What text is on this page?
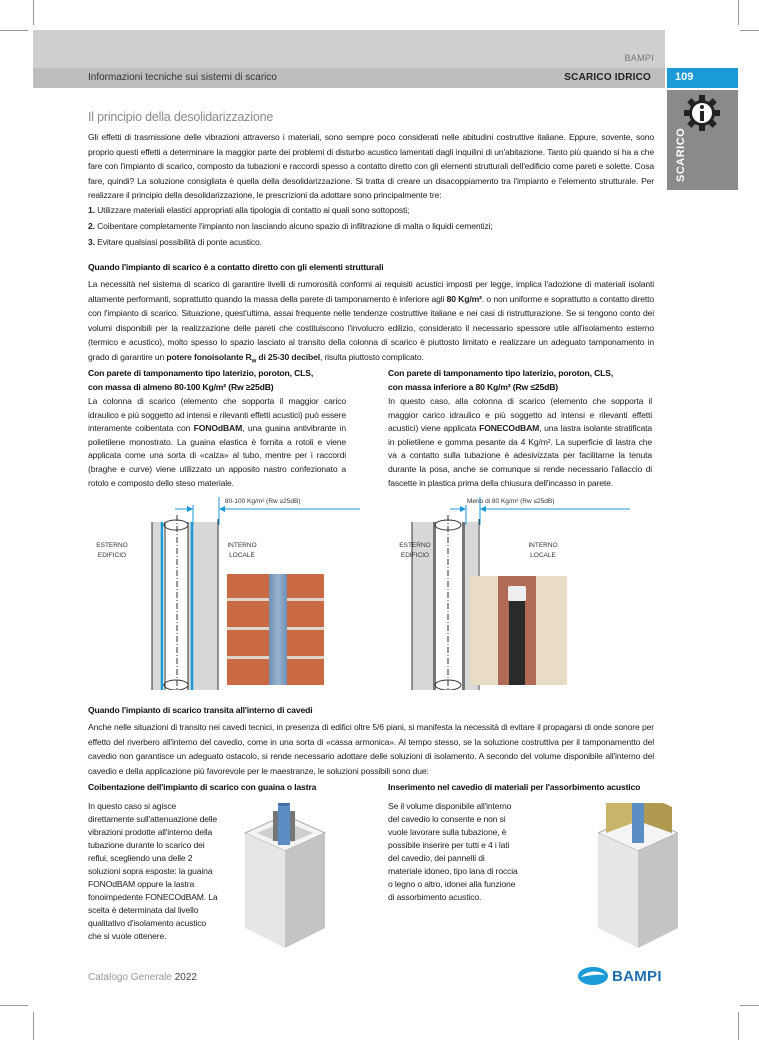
BAMPI
Informazioni tecniche sui sistemi di scarico	SCARICO IDRICO	109
SCARICO
Il principio della desolidarizzazione

Gli effetti di trasmissione delle vibrazioni attraverso i materiali, sono sempre poco considerati nelle abitudini costruttive italiane. Eppure, sovente, sono proprio questi effetti a determinare la maggior parte dei problemi di disturbo acustico lamentati dagli inquilini di un'abitazione. Tanto più quando si ha a che fare con l'impianto di scarico, composto da tubazioni e raccordi spesso a contatto diretto con gli elementi strutturali dell'edificio come pareti e solette. Cosa fare, quindi? La soluzione consigliata è quella della desolidarizzazione. Si tratta di creare un disacoppiamento tra l'impianto e l'elemento strutturale. Per realizzare il principio della desolidarizzazione, le prescrizioni da adottare sono principalmente tre:

1. Utilizzare materiali elastici appropriati alla tipologia di contatto ai quali sono sottoposti;
2. Coibentare completamente l'impianto non lasciando alcuno spazio di infiltrazione di malta o liquidi cementizi;
3. Evitare qualsiasi possibilità di ponte acustico.
Quando l'impianto di scarico è a contatto diretto con gli elementi strutturali

La necessità nel sistema di scarico di garantire livelli di rumorosità conformi ai requisiti acustici imposti per legge, implica l'adozione di materiali isolanti altamente performanti, soprattutto quando la massa della parete di tamponamento è inferiore agli 80 Kg/m². o non uniforme e soprattutto a contatto diretto con l'impianto di scarico. Situazione, quest'ultima, assai frequente nelle tendenze costruttive italiane e nei casi di ristrutturazione. Se si tengono conto dei volumi disponibili per la realizzazione delle pareti che costituiscono l'involucro edilizio, considerato il necessario spessore utile all'isolamento esterno (termico e acustico), molto spesso lo spazio lasciato al transito della colonna di scarico è piuttosto limitato e realizzare un adeguato tamponamento in grado di garantire un potere fonoisolante $R_w$ di 25-30 decibel, risulta piuttosto complicato.

Con parete di tamponamento tipo laterizio, poroton, CLS,
con massa di almeno 80-100 Kg/m² (Rw ≥25dB)

La colonna di scarico (elemento che sopporta il maggior carico idraulico e più soggetto ad intensi e rilevanti effetti acustici) può essere interamente coibentata con FONOdBAM, una guaina antivibrante in polietilene monostrato. La guaina elastica è fornita a rotoli e viene applicata come una sorta di «calza» al tubo, mentre per i raccordi (braghe e curve) viene utilizzato un apposito nastro confezionato a rotolo e composto dello steso materiale.

Con parete di tamponamento tipo laterizio, poroton, CLS,
con massa inferiore a 80 Kg/m² (Rw ≤25dB)

In questo caso, alla colonna di scarico (elemento che sopporta il maggior carico idraulico e più soggetto ad intensi e rilevanti effetti acustici) viene applicata FONECOdBAM, una lastra isolante stratificata in polietilene e gomma pesante da 4 Kg/m². La superficie di lastra che va a contatto sulla tubazione è adesivizzata per facilitarne la tenuta durante la posa, anche se comunque si rende necessario l'allaccio di fascette in plastica prima della chiusura dell'incasso in parete.

80-100 Kg/m² (Rw ≥25dB)
ESTERNO EDIFICIO
INTERNO LOCALE
Meno di 80 Kg/m² (Rw ≤25dB)
ESTERNO EDIFICIO
INTERNO LOCALE
Quando l'impianto di scarico transita all'interno di cavedi

Anche nelle situazioni di transito nei cavedi tecnici, in presenza di edifici oltre 5/6 piani, si manifesta la necessità di evitare il propagarsi di onde sonore per effetto del riverbero all'interno del cavedio, come in una sorta di «cassa armonica». Al tempo stesso, se la soluzione costruttiva per il tamponamentto del cavedio non garantisce un adeguato ostacolo, si rende necessario adottare delle soluzioni di isolamento. A secondo del volume disponibile all'interno del cavedio e della applicazione più favorevole per le maestranze, le soluzioni possibili sono due:

Coibentazione dell'impianto di scarico con guaina o lastra

In questo caso si agisce direttamente sull'attenuazione delle vibrazioni prodotte all'interno della tubazione durante lo scarico dei reflui, scegliendo una delle 2 soluzioni sopra esposte: la guaina FONOdBAM oppure la lastra fonoimpedente FONECOdBAM. La scelta è determinata dal livello qualitativo d'isolamento acustico che si vuole ottenere.

Inserimento nel cavedio di materiali per l'assorbimento acustico

Se il volume disponibile all'interno del cavedio lo consente e non si vuole lavorare sulla tubazione, è possibile inserire per tutti e 4 i lati del cavedio, dei pannelli di materiale idoneo, tipo lana di roccia o legno o altro, idonei alla funzione di assorbimento acustico.

Catalogo Generale 2022	BAMPI
